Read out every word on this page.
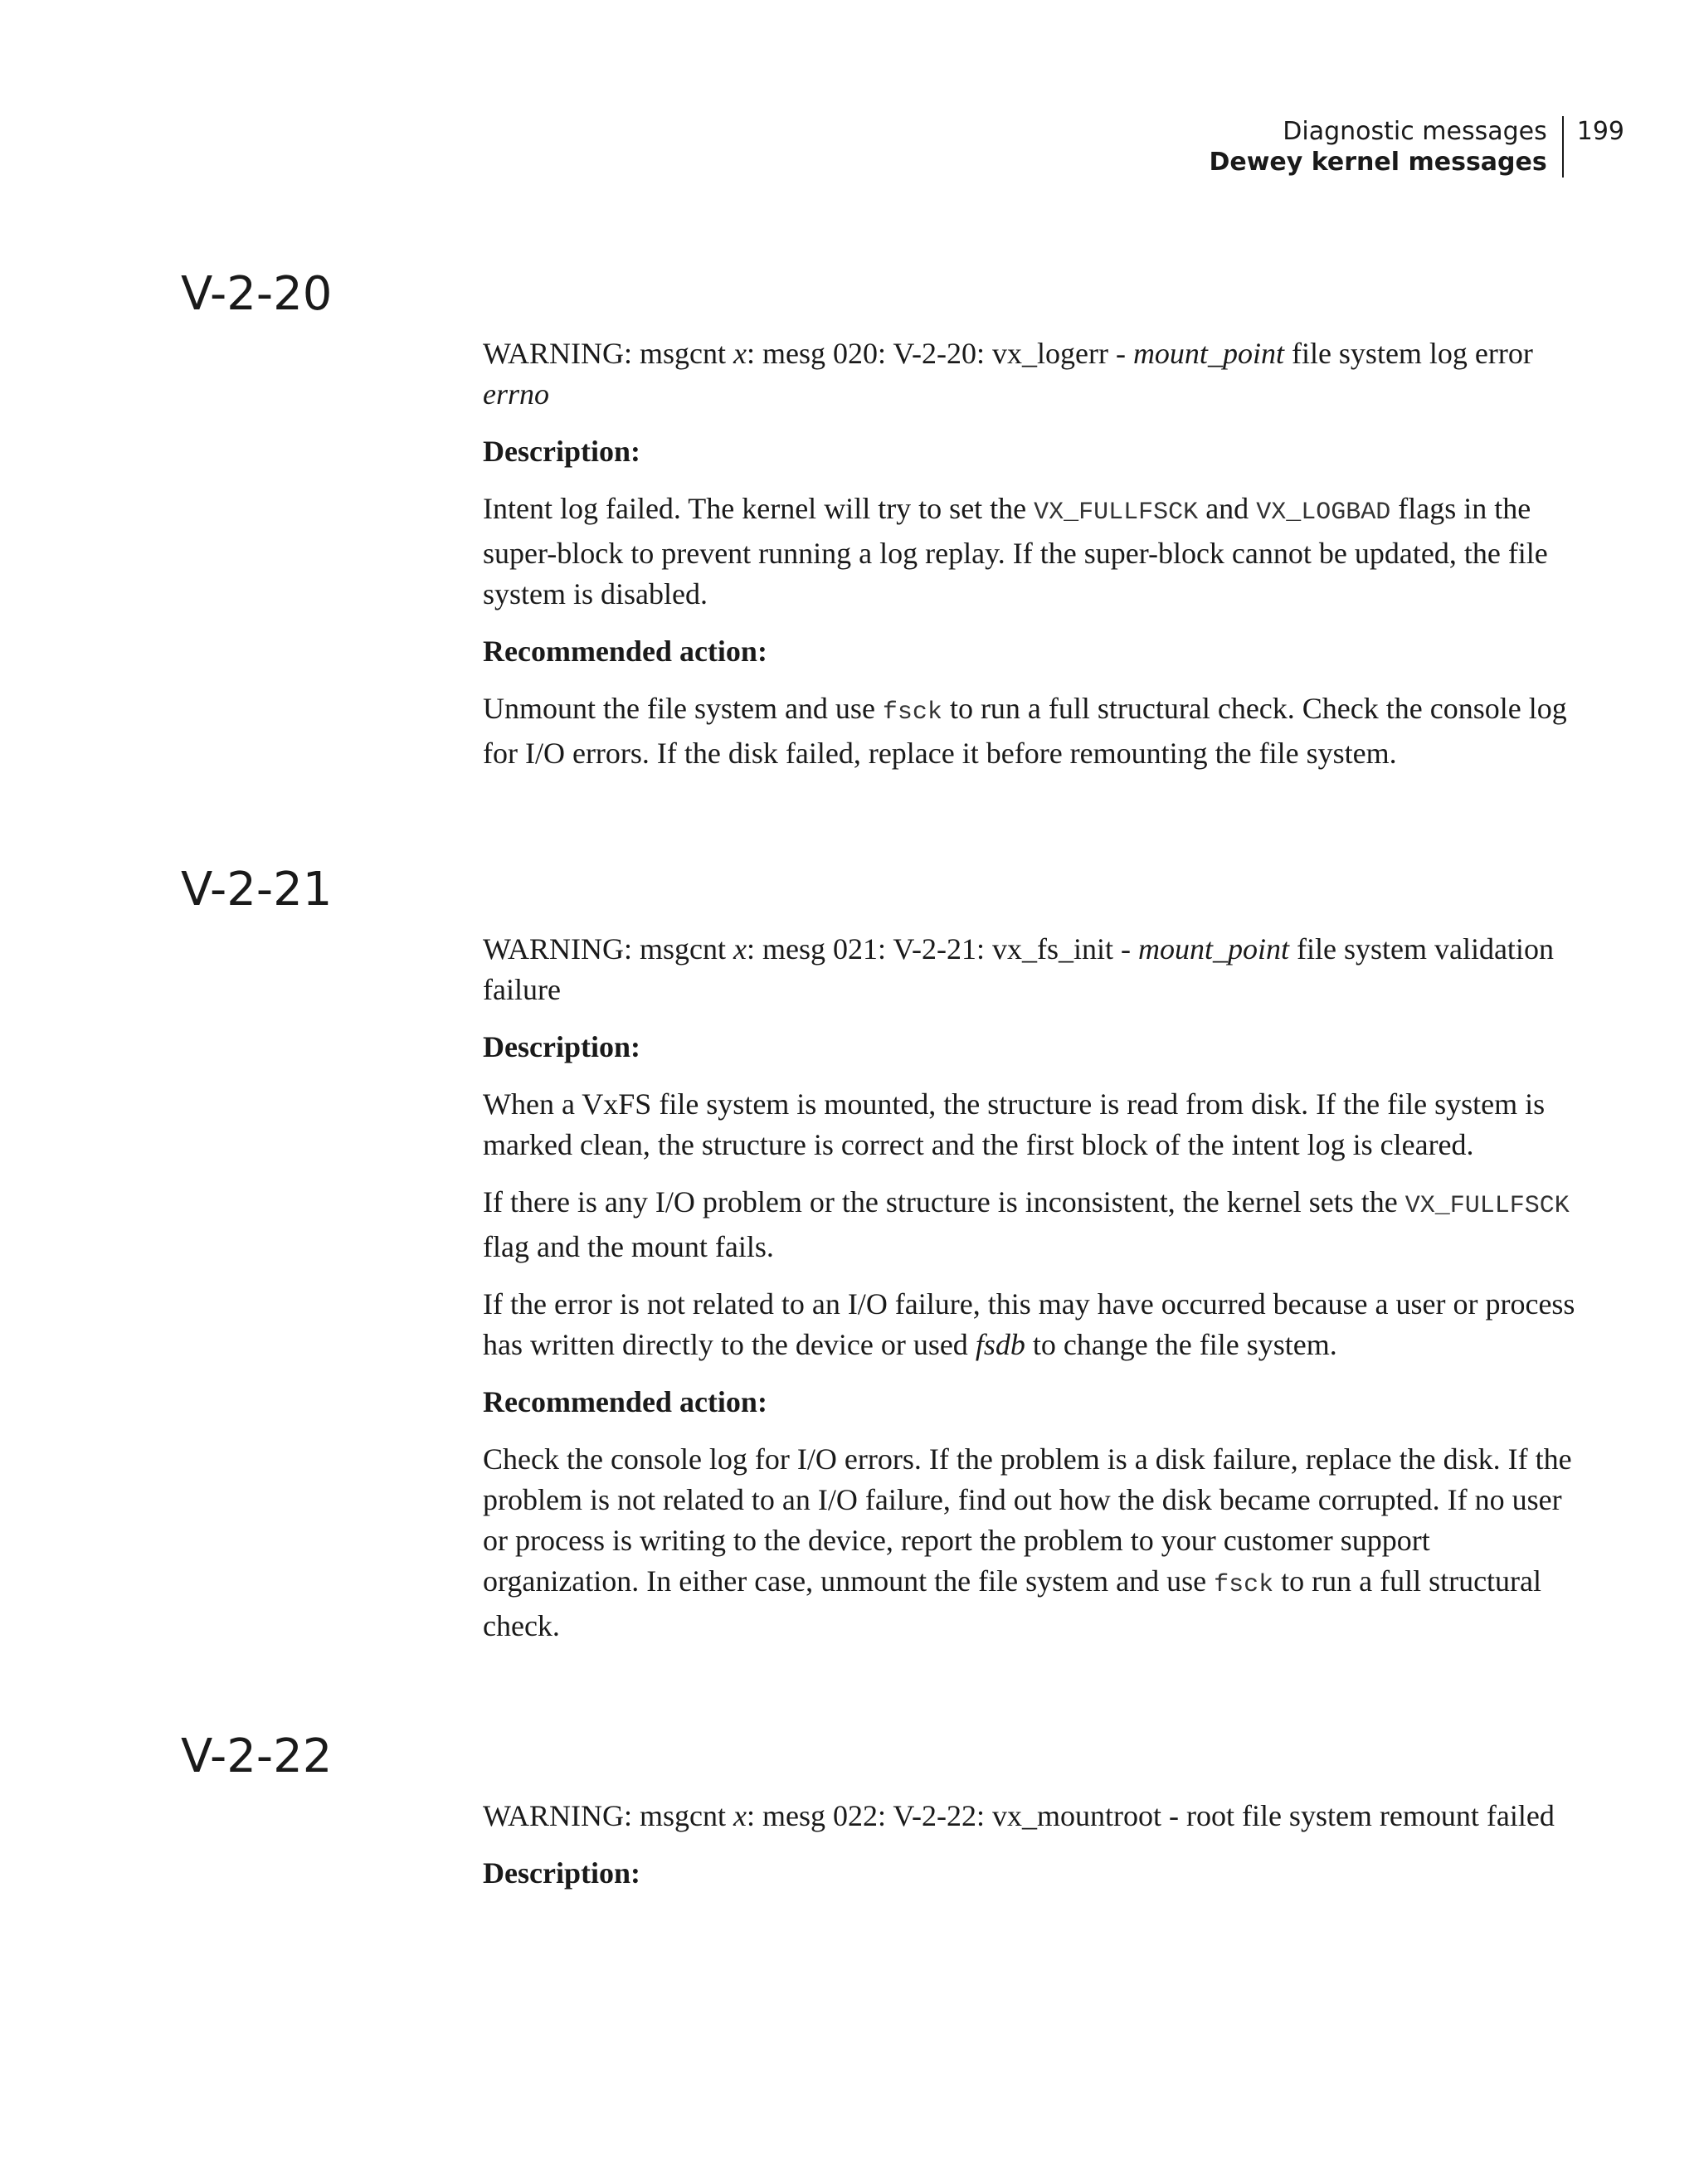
Diagnostic messages
Dewey kernel messages
199
V-2-20

WARNING: msgcnt x: mesg 020: V-2-20: vx_logerr - mount_point file system log error errno

Description:

Intent log failed. The kernel will try to set the VX_FULLFSCK and VX_LOGBAD flags in the super-block to prevent running a log replay. If the super-block cannot be updated, the file system is disabled.

Recommended action:

Unmount the file system and use fsck to run a full structural check. Check the console log for I/O errors. If the disk failed, replace it before remounting the file system.

V-2-21

WARNING: msgcnt x: mesg 021: V-2-21: vx_fs_init - mount_point file system validation failure

Description:

When a VxFS file system is mounted, the structure is read from disk. If the file system is marked clean, the structure is correct and the first block of the intent log is cleared.

If there is any I/O problem or the structure is inconsistent, the kernel sets the VX_FULLFSCK flag and the mount fails.

If the error is not related to an I/O failure, this may have occurred because a user or process has written directly to the device or used fsdb to change the file system.

Recommended action:

Check the console log for I/O errors. If the problem is a disk failure, replace the disk. If the problem is not related to an I/O failure, find out how the disk became corrupted. If no user or process is writing to the device, report the problem to your customer support organization. In either case, unmount the file system and use fsck to run a full structural check.

V-2-22

WARNING: msgcnt x: mesg 022: V-2-22: vx_mountroot - root file system remount failed

Description:
